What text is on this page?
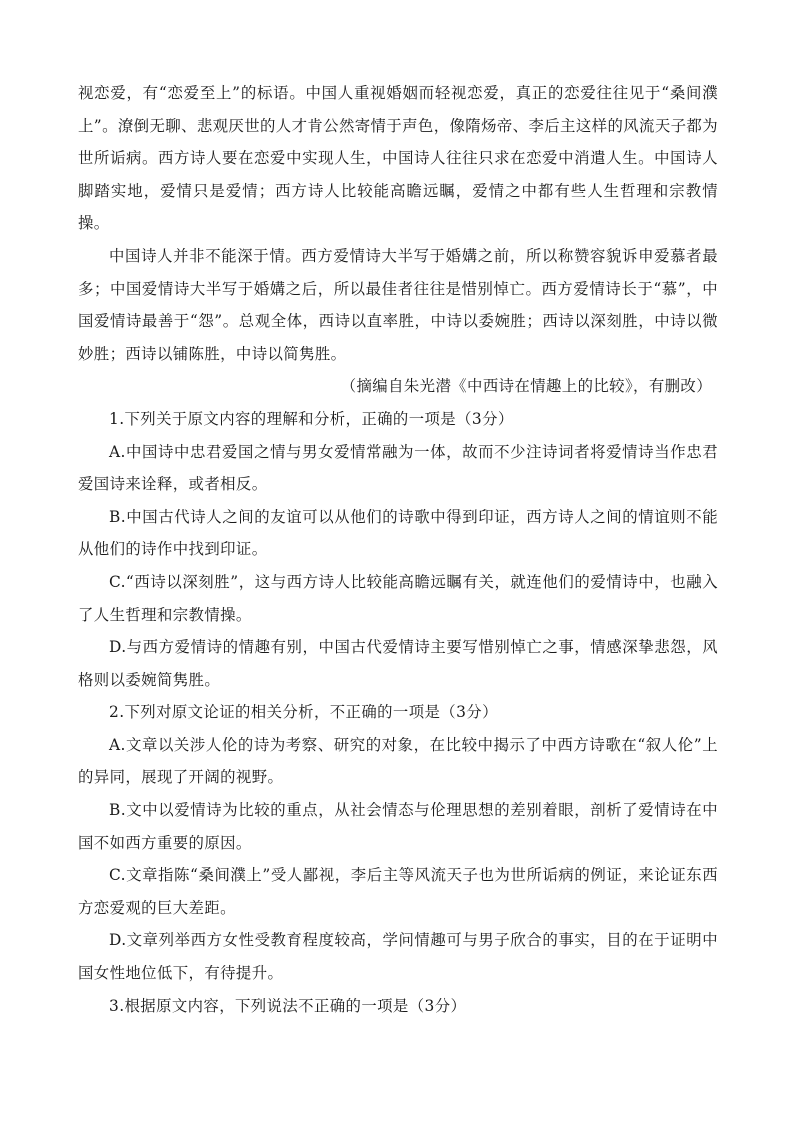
视恋爱，有“恋爱至上”的标语。中国人重视婚姻而轻视恋爱，真正的恋爱往往见于“桑间濮上”。潦倒无聊、悲观厌世的人才肯公然寄情于声色，像隋炀帝、李后主这样的风流天子都为世所诟病。西方诗人要在恋爱中实现人生，中国诗人往往只求在恋爱中消遣人生。中国诗人脚踏实地，爱情只是爱情；西方诗人比较能高瞻远瞩，爱情之中都有些人生哲理和宗教情操。

中国诗人并非不能深于情。西方爱情诗大半写于婚媾之前，所以称赞容貌诉申爱慕者最多；中国爱情诗大半写于婚媾之后，所以最佳者往往是惜别悼亡。西方爱情诗长于“慕”，中国爱情诗最善于“怨”。总观全体，西诗以直率胜，中诗以委婉胜；西诗以深刻胜，中诗以微妙胜；西诗以铺陈胜，中诗以简隽胜。

（摘编自朱光潜《中西诗在情趣上的比较》，有删改）

1.下列关于原文内容的理解和分析，正确的一项是（3分）

A.中国诗中忠君爱国之情与男女爱情常融为一体，故而不少注诗词者将爱情诗当作忠君爱国诗来诠释，或者相反。

B.中国古代诗人之间的友谊可以从他们的诗歌中得到印证，西方诗人之间的情谊则不能从他们的诗作中找到印证。

C.“西诗以深刻胜”，这与西方诗人比较能高瞻远瞩有关，就连他们的爱情诗中，也融入了人生哲理和宗教情操。

D.与西方爱情诗的情趣有别，中国古代爱情诗主要写惜别悼亡之事，情感深挚悲怨，风格则以委婉简隽胜。

2.下列对原文论证的相关分析，不正确的一项是（3分）

A.文章以关涉人伦的诗为考察、研究的对象，在比较中揭示了中西方诗歌在“叙人伦”上的异同，展现了开阔的视野。

B.文中以爱情诗为比较的重点，从社会情态与伦理思想的差别着眼，剖析了爱情诗在中国不如西方重要的原因。

C.文章指陈“桑间濮上”受人鄙视，李后主等风流天子也为世所诟病的例证，来论证东西方恋爱观的巨大差距。

D.文章列举西方女性受教育程度较高，学问情趣可与男子欣合的事实，目的在于证明中国女性地位低下，有待提升。

3.根据原文内容，下列说法不正确的一项是（3分）
